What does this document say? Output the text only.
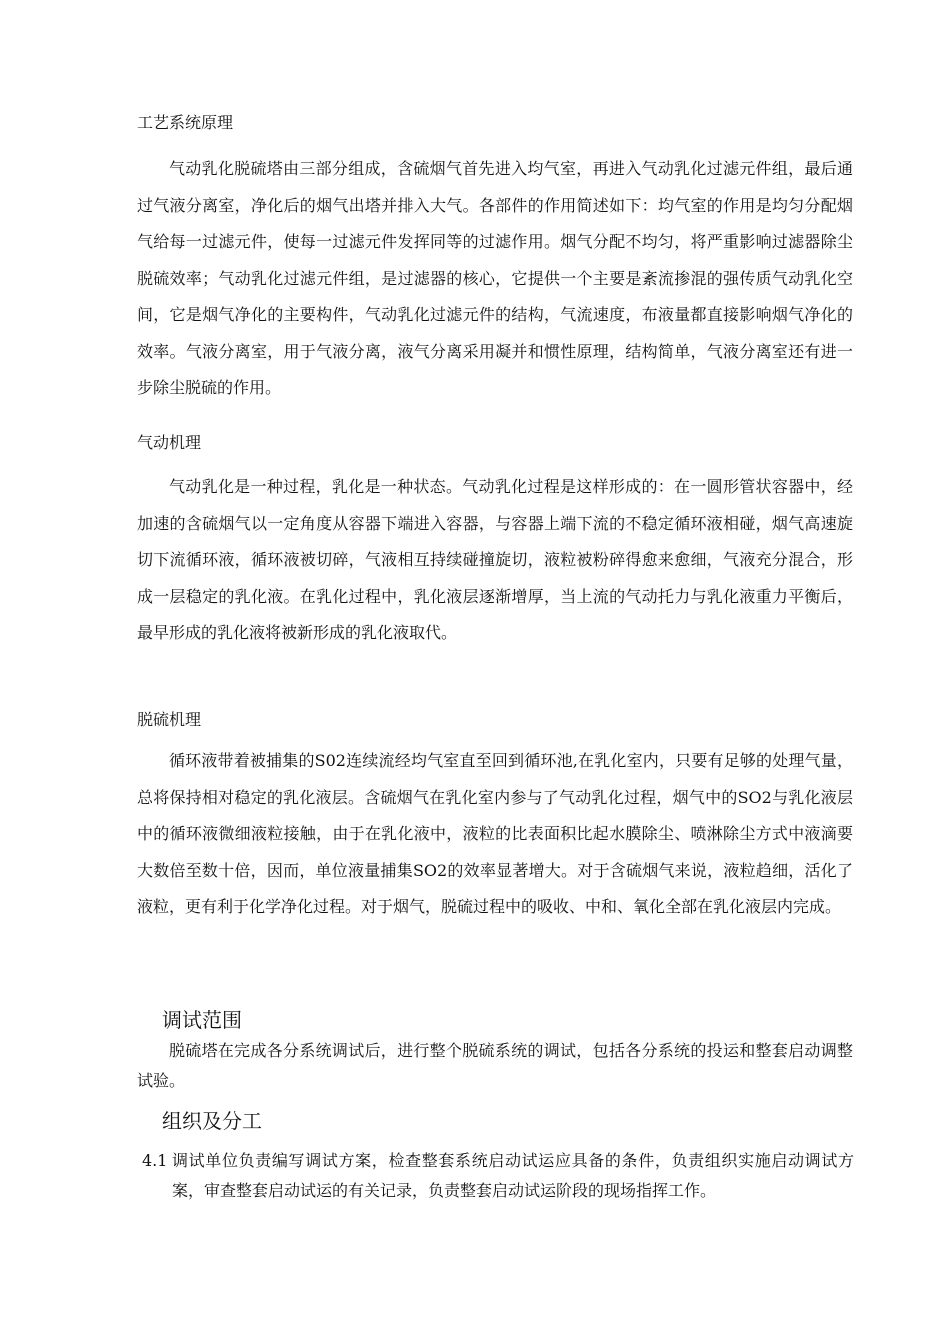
工艺系统原理

气动乳化脱硫塔由三部分组成，含硫烟气首先进入均气室，再进入气动乳化过滤元件组，最后通过气液分离室，净化后的烟气出塔并排入大气。各部件的作用简述如下：均气室的作用是均匀分配烟气给每一过滤元件，使每一过滤元件发挥同等的过滤作用。烟气分配不均匀，将严重影响过滤器除尘脱硫效率；气动乳化过滤元件组，是过滤器的核心，它提供一个主要是紊流掺混的强传质气动乳化空间，它是烟气净化的主要构件，气动乳化过滤元件的结构，气流速度，布液量都直接影响烟气净化的效率。气液分离室，用于气液分离，液气分离采用凝并和惯性原理，结构简单，气液分离室还有进一步除尘脱硫的作用。

气动机理

气动乳化是一种过程，乳化是一种状态。气动乳化过程是这样形成的：在一圆形管状容器中，经加速的含硫烟气以一定角度从容器下端进入容器，与容器上端下流的不稳定循环液相碰，烟气高速旋切下流循环液，循环液被切碎，气液相互持续碰撞旋切，液粒被粉碎得愈来愈细，气液充分混合，形成一层稳定的乳化液。在乳化过程中，乳化液层逐渐增厚，当上流的气动托力与乳化液重力平衡后，最早形成的乳化液将被新形成的乳化液取代。

脱硫机理

循环液带着被捕集的S02连续流经均气室直至回到循环池,在乳化室内，只要有足够的处理气量，总将保持相对稳定的乳化液层。含硫烟气在乳化室内参与了气动乳化过程，烟气中的SO2与乳化液层中的循环液微细液粒接触，由于在乳化液中，液粒的比表面积比起水膜除尘、喷淋除尘方式中液滴要大数倍至数十倍，因而，单位液量捕集SO2的效率显著增大。对于含硫烟气来说，液粒趋细，活化了液粒，更有利于化学净化过程。对于烟气，脱硫过程中的吸收、中和、氧化全部在乳化液层内完成。

调试范围

脱硫塔在完成各分系统调试后，进行整个脱硫系统的调试，包括各分系统的投运和整套启动调整试验。

组织及分工
4.1 调试单位负责编写调试方案，检查整套系统启动试运应具备的条件，负责组织实施启动调试方案，审查整套启动试运的有关记录，负责整套启动试运阶段的现场指挥工作。
